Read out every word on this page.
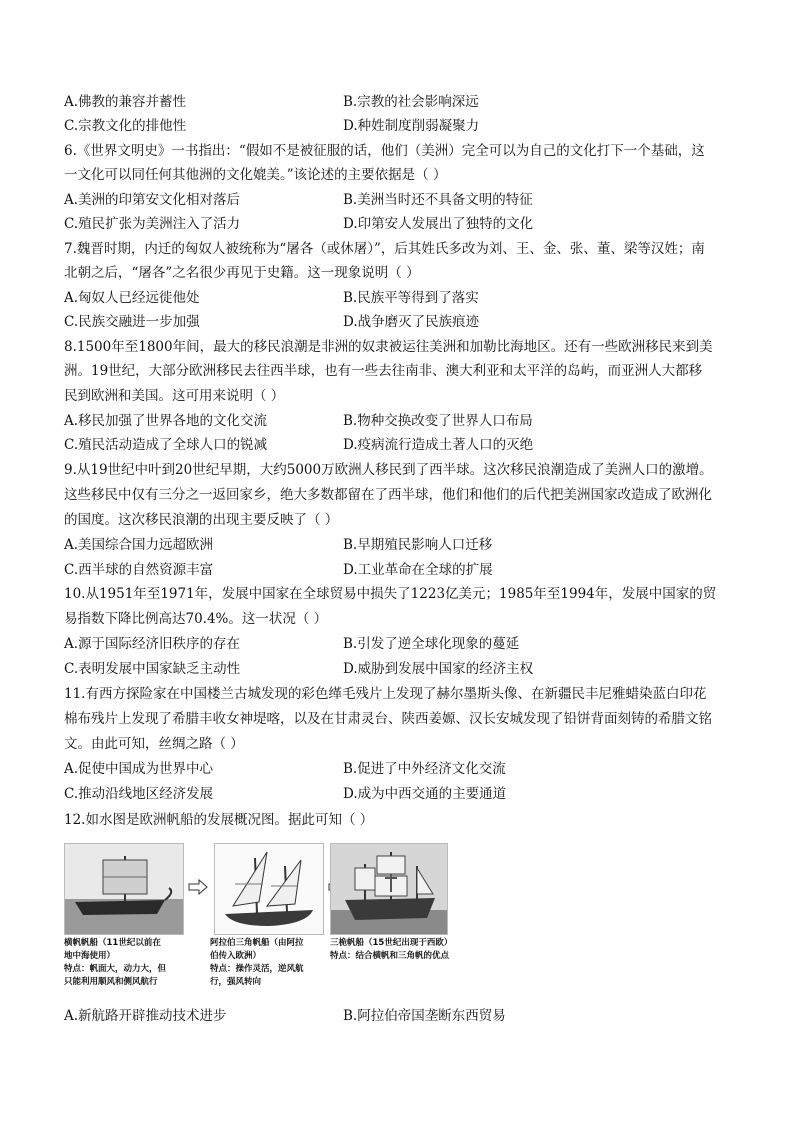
A.佛教的兼容并蓄性	B.宗教的社会影响深远
C.宗教文化的排他性	D.种姓制度削弱凝聚力
6.《世界文明史》一书指出：“假如不是被征服的话，他们（美洲）完全可以为自己的文化打下一个基础，这
一文化可以同任何其他洲的文化媲美。”该论述的主要依据是（ ）
A.美洲的印第安文化相对落后	B.美洲当时还不具备文明的特征
C.殖民扩张为美洲注入了活力	D.印第安人发展出了独特的文化
7.魏晋时期，内迁的匈奴人被统称为“屠各（或休屠）”，后其姓氏多改为刘、王、金、张、董、梁等汉姓；南
北朝之后，“屠各”之名很少再见于史籍。这一现象说明（ ）
A.匈奴人已经远徙他处	B.民族平等得到了落实
C.民族交融进一步加强	D.战争磨灭了民族痕迹
8.1500年至1800年间，最大的移民浪潮是非洲的奴隶被运往美洲和加勒比海地区。还有一些欧洲移民来到美
洲。19世纪，大部分欧洲移民去往西半球，也有一些去往南非、澳大利亚和太平洋的岛屿，而亚洲人大都移
民到欧洲和美国。这可用来说明（ ）
A.移民加强了世界各地的文化交流	B.物种交换改变了世界人口布局
C.殖民活动造成了全球人口的锐减	D.疫病流行造成土著人口的灭绝
9.从19世纪中叶到20世纪早期，大约5000万欧洲人移民到了西半球。这次移民浪潮造成了美洲人口的激增。
这些移民中仅有三分之一返回家乡，绝大多数都留在了西半球，他们和他们的后代把美洲国家改造成了欧洲化
的国度。这次移民浪潮的出现主要反映了（ ）
A.美国综合国力远超欧洲	B.早期殖民影响人口迁移
C.西半球的自然资源丰富	D.工业革命在全球的扩展
10.从1951年至1971年，发展中国家在全球贸易中损失了1223亿美元；1985年至1994年，发展中国家的贸
易指数下降比例高达70.4%。这一状况（ ）
A.源于国际经济旧秩序的存在	B.引发了逆全球化现象的蔓延
C.表明发展中国家缺乏主动性	D.威胁到发展中国家的经济主权
11.有西方探险家在中国楼兰古城发现的彩色缂毛残片上发现了赫尔墨斯头像、在新疆民丰尼雅蜡染蓝白印花
棉布残片上发现了希腊丰收女神堤喀，以及在甘肃灵台、陕西姜嫄、汉长安城发现了铅饼背面刻铸的希腊文铭
文。由此可知，丝绸之路（ ）
A.促使中国成为世界中心	B.促进了中外经济文化交流
C.推动沿线地区经济发展	D.成为中西交通的主要通道
12.如水图是欧洲帆船的发展概况图。据此可知（ ）
横帆帆船（11世纪以前在
地中海使用）
特点：帆面大，动力大，但
只能利用顺风和侧风航行
阿拉伯三角帆船（由阿拉
伯传入欧洲）
特点：操作灵活，逆风航
行，强风转向
三桅帆船（15世纪出现于西欧）
特点：结合横帆和三角帆的优点
A.新航路开辟推动技术进步	B.阿拉伯帝国垄断东西贸易
